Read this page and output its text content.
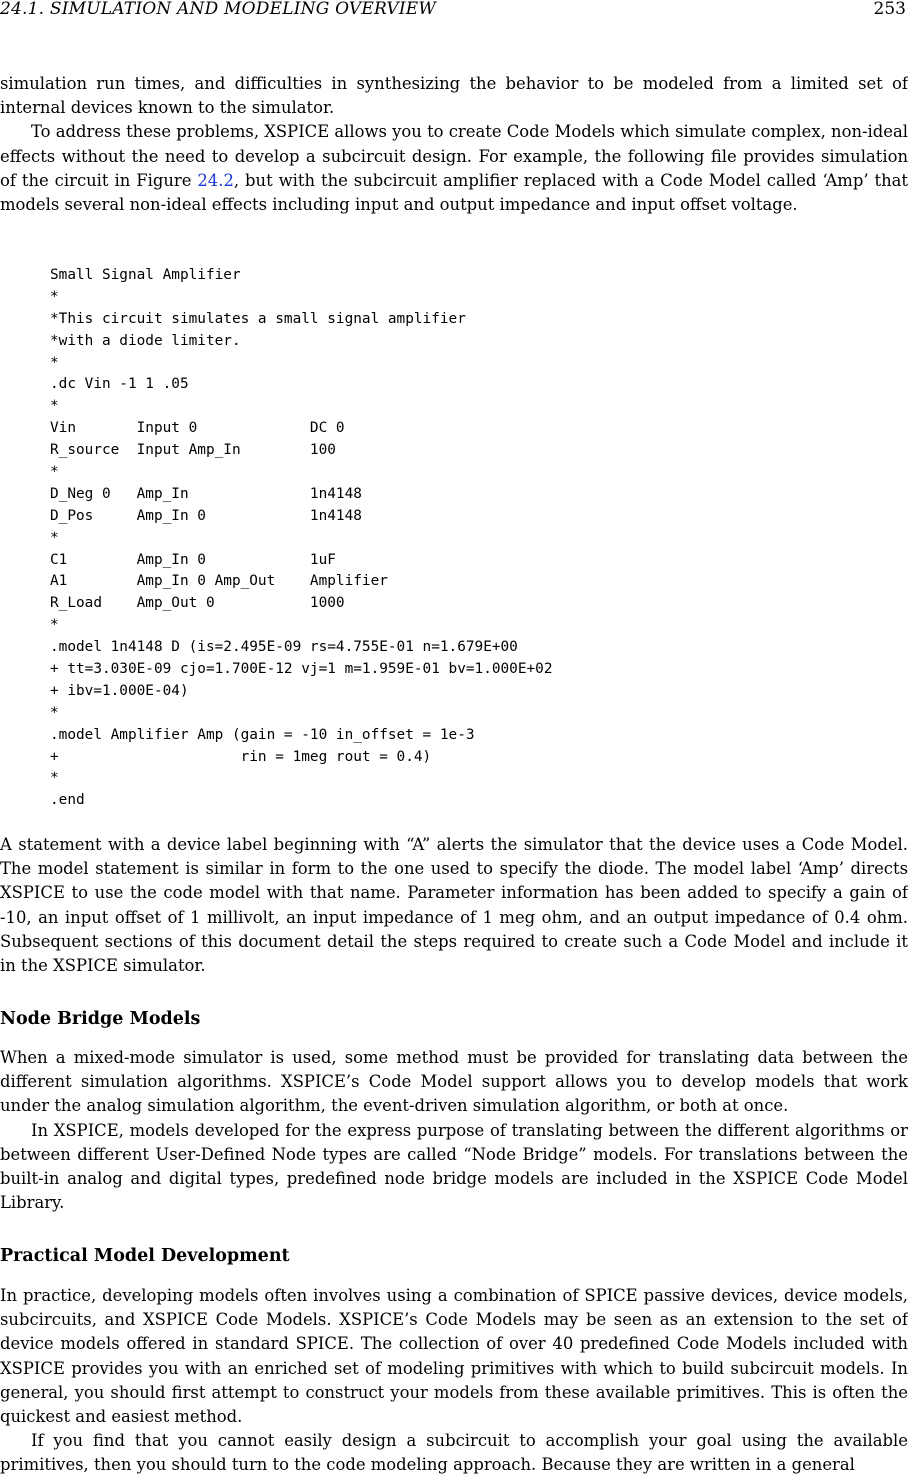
24.1. SIMULATION AND MODELING OVERVIEW	253

simulation run times, and difficulties in synthesizing the behavior to be modeled from a limited set of internal devices known to the simulator.

To address these problems, XSPICE allows you to create Code Models which simulate complex, non-ideal effects without the need to develop a subcircuit design. For example, the following file provides simulation of the circuit in Figure 24.2, but with the subcircuit amplifier replaced with a Code Model called ‘Amp’ that models several non-ideal effects including input and output impedance and input offset voltage.

Small Signal Amplifier
*
*This circuit simulates a small signal amplifier
*with a diode limiter.
*
.dc Vin -1 1 .05
*
Vin       Input 0             DC 0
R_source  Input Amp_In        100
*
D_Neg 0   Amp_In              1n4148
D_Pos     Amp_In 0            1n4148
*
C1        Amp_In 0            1uF
A1        Amp_In 0 Amp_Out    Amplifier
R_Load    Amp_Out 0           1000
*
.model 1n4148 D (is=2.495E-09 rs=4.755E-01 n=1.679E+00
+ tt=3.030E-09 cjo=1.700E-12 vj=1 m=1.959E-01 bv=1.000E+02
+ ibv=1.000E-04)
*
.model Amplifier Amp (gain = -10 in_offset = 1e-3
+                     rin = 1meg rout = 0.4)
*
.end

A statement with a device label beginning with “A” alerts the simulator that the device uses a Code Model. The model statement is similar in form to the one used to specify the diode. The model label ‘Amp’ directs XSPICE to use the code model with that name. Parameter information has been added to specify a gain of -10, an input offset of 1 millivolt, an input impedance of 1 meg ohm, and an output impedance of 0.4 ohm. Subsequent sections of this document detail the steps required to create such a Code Model and include it in the XSPICE simulator.

Node Bridge Models

When a mixed-mode simulator is used, some method must be provided for translating data between the different simulation algorithms. XSPICE’s Code Model support allows you to develop models that work under the analog simulation algorithm, the event-driven simulation algorithm, or both at once.

In XSPICE, models developed for the express purpose of translating between the different algorithms or between different User-Defined Node types are called “Node Bridge” models. For translations between the built-in analog and digital types, predefined node bridge models are included in the XSPICE Code Model Library.

Practical Model Development

In practice, developing models often involves using a combination of SPICE passive devices, device models, subcircuits, and XSPICE Code Models. XSPICE’s Code Models may be seen as an extension to the set of device models offered in standard SPICE. The collection of over 40 predefined Code Models included with XSPICE provides you with an enriched set of modeling primitives with which to build subcircuit models. In general, you should first attempt to construct your models from these available primitives. This is often the quickest and easiest method.

If you find that you cannot easily design a subcircuit to accomplish your goal using the available primitives, then you should turn to the code modeling approach. Because they are written in a general
